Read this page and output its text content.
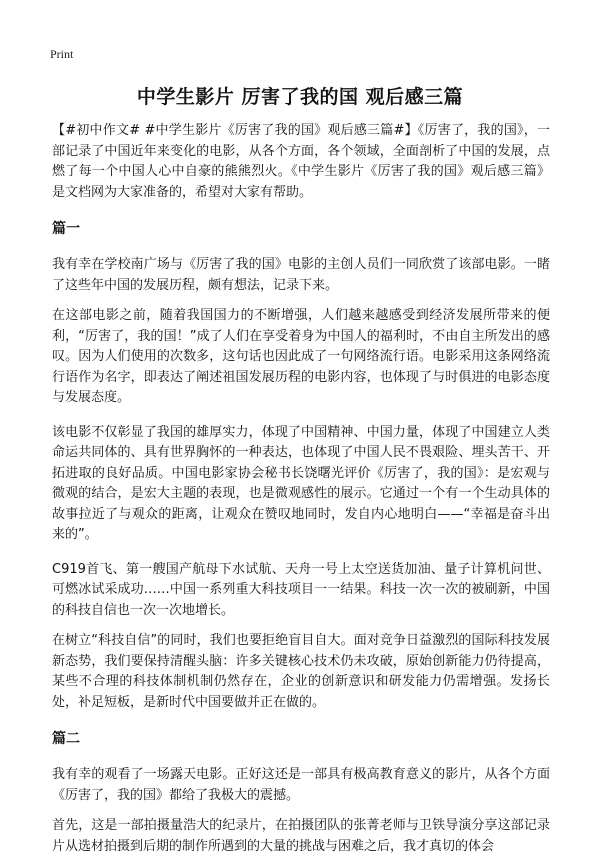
Print
中学生影片 厉害了我的国 观后感三篇

【#初中作文# #中学生影片《厉害了我的国》观后感三篇#】《厉害了，我的国》，一部记录了中国近年来变化的电影，从各个方面，各个领域，全面剖析了中国的发展，点燃了每一个中国人心中自豪的熊熊烈火。《中学生影片《厉害了我的国》观后感三篇》是文档网为大家准备的，希望对大家有帮助。

篇一

我有幸在学校南广场与《厉害了我的国》电影的主创人员们一同欣赏了该部电影。一睹了这些年中国的发展历程，颇有想法，记录下来。

在这部电影之前，随着我国国力的不断增强，人们越来越感受到经济发展所带来的便利，“厉害了，我的国！”成了人们在享受着身为中国人的福利时，不由自主所发出的感叹。因为人们使用的次数多，这句话也因此成了一句网络流行语。电影采用这条网络流行语作为名字，即表达了阐述祖国发展历程的电影内容，也体现了与时俱进的电影态度与发展态度。

该电影不仅彰显了我国的雄厚实力，体现了中国精神、中国力量，体现了中国建立人类命运共同体的、具有世界胸怀的一种表达，也体现了中国人民不畏艰险、埋头苦干、开拓进取的良好品质。中国电影家协会秘书长饶曙光评价《厉害了，我的国》：是宏观与微观的结合，是宏大主题的表现，也是微观感性的展示。它通过一个有一个生动具体的故事拉近了与观众的距离，让观众在赞叹地同时，发自内心地明白——“幸福是奋斗出来的”。

C919首飞、第一艘国产航母下水试航、天舟一号上太空送货加油、量子计算机问世、可燃冰试采成功……中国一系列重大科技项目一一结果。科技一次一次的被刷新，中国的科技自信也一次一次地增长。

在树立“科技自信”的同时，我们也要拒绝盲目自大。面对竞争日益激烈的国际科技发展新态势，我们要保持清醒头脑：许多关键核心技术仍未攻破，原始创新能力仍待提高，某些不合理的科技体制机制仍然存在，企业的创新意识和研发能力仍需增强。发扬长处，补足短板，是新时代中国要做并正在做的。

篇二

我有幸的观看了一场露天电影。正好这还是一部具有极高教育意义的影片，从各个方面《厉害了，我的国》都给了我极大的震撼。

首先，这是一部拍摄量浩大的纪录片，在拍摄团队的张菁老师与卫铁导演分享这部记录片从选材拍摄到后期的制作所遇到的大量的挑战与困难之后，我才真切的体会
